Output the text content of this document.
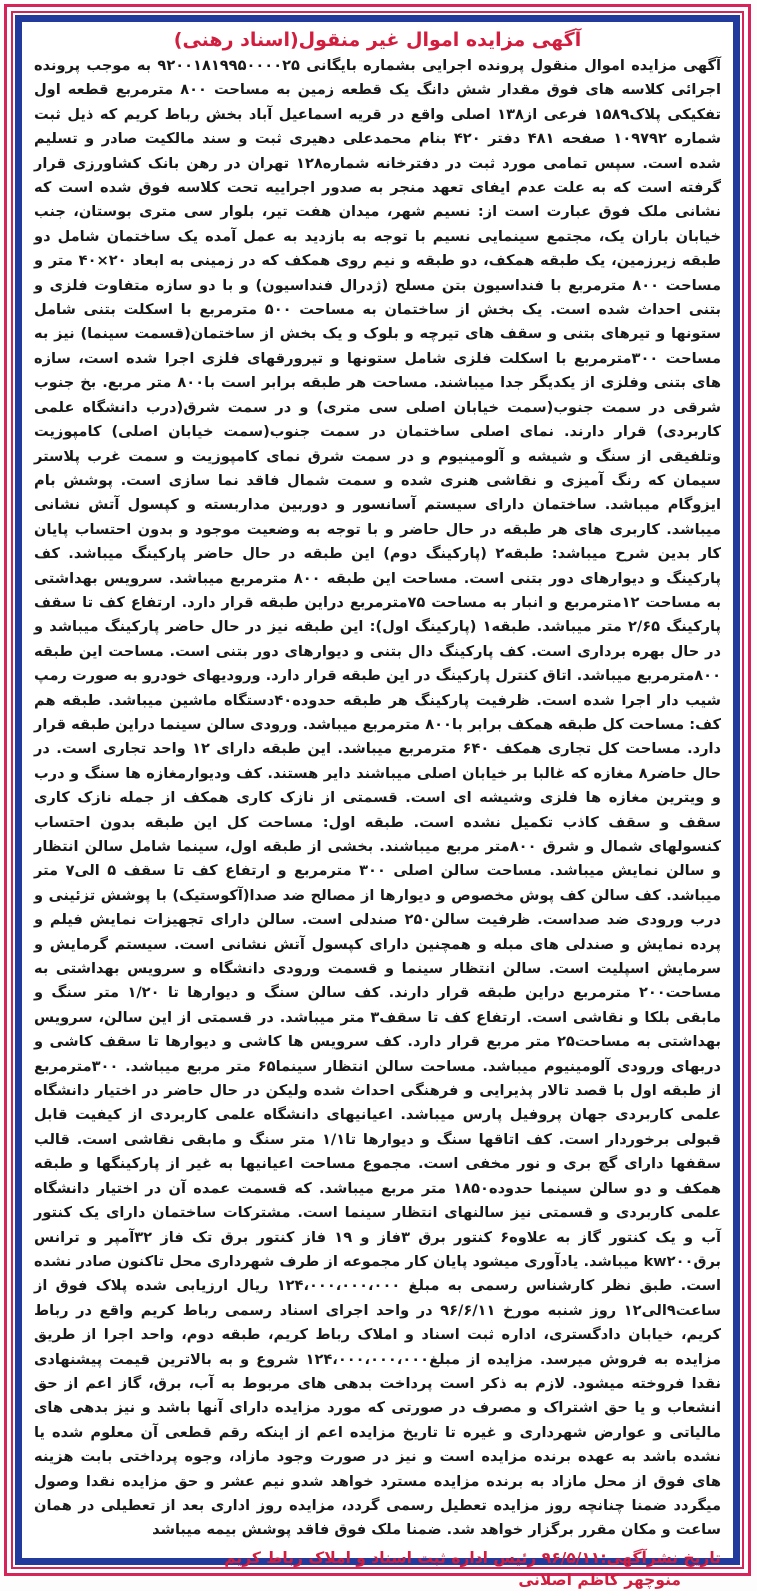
آگهی مزایده اموال غیر منقول(اسناد رهنی)
آگهی مزایده اموال منقول پرونده اجرایی بشماره بایگانی ۹۲۰۰۱۸۱۹۹۵۰۰۰۰۲۵ به موجب پرونده اجرائی کلاسه های فوق مقدار شش دانگ یک قطعه زمین به مساحت ۸۰۰ مترمربع قطعه اول تفکیکی پلاک۱۵۸۹ فرعی از۱۳۸ اصلی واقع در قریه اسماعیل آباد بخش رباط کریم که ذیل ثبت شماره ۱۰۹۷۹۲ صفحه ۴۸۱ دفتر ۴۲۰ بنام محمدعلی دهیری ثبت و سند مالکیت صادر و تسلیم شده است. سپس تمامی مورد ثبت در دفترخانه شماره۱۲۸ تهران در رهن بانک کشاورزی قرار گرفته است که به علت عدم ایفای تعهد منجر به صدور اجراییه تحت کلاسه فوق شده است که نشانی ملک فوق عبارت است از: نسیم شهر، میدان هفت تیر، بلوار سی متری بوستان، جنب خیابان باران یک، مجتمع سینمایی نسیم با توجه به بازدید به عمل آمده یک ساختمان شامل دو طبقه زیرزمین، یک طبقه همکف، دو طبقه و نیم روی همکف که در زمینی به ابعاد ۲۰×۴۰ متر و مساحت ۸۰۰ مترمربع با فنداسیون بتن مسلح (ژدرال فنداسیون) و با دو سازه متفاوت فلزی و بتنی احداث شده است. یک بخش از ساختمان به مساحت ۵۰۰ مترمربع با اسکلت بتنی شامل ستونها و تیرهای بتنی و سقف های تیرچه و بلوک و یک بخش از ساختمان(قسمت سینما) نیز به مساحت ۳۰۰مترمربع با اسکلت فلزی شامل ستونها و تیرورقهای فلزی اجرا شده است، سازه های بتنی وفلزی از یکدیگر جدا میباشند. مساحت هر طبقه برابر است با۸۰۰ متر مربع. بخ جنوب شرقی در سمت جنوب(سمت خیابان اصلی سی متری) و در سمت شرق(درب دانشگاه علمی کاربردی) قرار دارند. نمای اصلی ساختمان در سمت جنوب(سمت خیابان اصلی) کامپوزیت وتلفیقی از سنگ و شیشه و آلومینیوم و در سمت شرق نمای کامپوزیت و سمت غرب پلاستر سیمان که رنگ آمیزی و نقاشی هنری شده و سمت شمال فاقد نما سازی است. پوشش بام ایزوگام میباشد. ساختمان دارای سیستم آسانسور و دوربین مداربسته و کپسول آتش نشانی میباشد. کاربری های هر طبقه در حال حاضر و با توجه به وضعیت موجود و بدون احتساب پایان کار بدین شرح میباشد: طبقه۲ (پارکینگ دوم) این طبقه در حال حاضر پارکینگ میباشد. کف پارکینگ و دیوارهای دور بتنی است. مساحت این طبقه ۸۰۰ مترمربع میباشد. سرویس بهداشتی به مساحت ۱۲مترمربع و انبار به مساحت ۷۵مترمربع دراین طبقه قرار دارد. ارتفاع کف تا سقف پارکینگ ۲/۶۵ متر میباشد. طبقه۱ (پارکینگ اول): این طبقه نیز در حال حاضر پارکینگ میباشد و در حال بهره برداری است. کف پارکینگ دال بتنی و دیوارهای دور بتنی است. مساحت این طبقه ۸۰۰مترمربع میباشد. اتاق کنترل پارکینگ در این طبقه قرار دارد. ورودیهای خودرو به صورت رمپ شیب دار اجرا شده است. ظرفیت پارکینگ هر طبقه حدوده۴۰دستگاه ماشین میباشد. طبقه هم کف: مساحت کل طبقه همکف برابر با۸۰۰ مترمربع میباشد. ورودی سالن سینما دراین طبقه قرار دارد. مساحت کل تجاری همکف ۶۴۰ مترمربع میباشد. این طبقه دارای ۱۲ واحد تجاری است. در حال حاضر۸ مغازه که غالبا بر خیابان اصلی میباشند دایر هستند. کف ودیوارمغازه ها سنگ و درب و ویترین مغازه ها فلزی وشیشه ای است. قسمتی از نازک کاری همکف از جمله نازک کاری سقف و سقف کاذب تکمیل نشده است. طبقه اول: مساحت کل این طبقه بدون احتساب کنسولهای شمال و شرق ۸۰۰متر مربع میباشند. بخشی از طبقه اول، سینما شامل سالن انتظار و سالن نمایش میباشد. مساحت سالن اصلی ۳۰۰ مترمربع و ارتفاع کف تا سقف ۵ الی۷ متر میباشد. کف سالن کف پوش مخصوص و دیوارها از مصالح ضد صدا(آکوستیک) با پوشش تزئینی و درب ورودی ضد صداست. ظرفیت سالن۲۵۰ صندلی است. سالن دارای تجهیزات نمایش فیلم و پرده نمایش و صندلی های مبله و همچنین دارای کپسول آتش نشانی است. سیستم گرمایش و سرمایش اسپلیت است. سالن انتظار سینما و قسمت ورودی دانشگاه و سرویس بهداشتی به مساحت۲۰۰ مترمربع دراین طبقه قرار دارند. کف سالن سنگ و دیوارها تا ۱/۲۰ متر سنگ و مابقی بلکا و نقاشی است. ارتفاع کف تا سقف۳ متر میباشد. در قسمتی از این سالن، سرویس بهداشتی به مساحت۲۵ متر مربع قرار دارد. کف سرویس ها کاشی و دیوارها تا سقف کاشی و دربهای ورودی آلومینیوم میباشد. مساحت سالن انتظار سینما۶۵ متر مربع میباشد. ۳۰۰مترمربع از طبقه اول با قصد تالار پذیرایی و فرهنگی احداث شده ولیکن در حال حاضر در اختیار دانشگاه علمی کاربردی جهان پروفیل پارس میباشد. اعیانیهای دانشگاه علمی کاربردی از کیفیت قابل قبولی برخوردار است. کف اتاقها سنگ و دیوارها تا۱/۱ متر سنگ و مابقی نقاشی است. قالب سقفها دارای گچ بری و نور مخفی است. مجموع مساحت اعیانیها به غیر از پارکینگها و طبقه همکف و دو سالن سینما حدوده۱۸۵۰ متر مربع میباشد. که قسمت عمده آن در اختیار دانشگاه علمی کاربردی و قسمتی نیز سالنهای انتظار سینما است. مشترکات ساختمان دارای یک کنتور آب و یک کنتور گاز به علاوه۶ کنتور برق ۳فاز و ۱۹ فاز کنتور برق تک فاز ۳۲آمپر و ترانس برقkw۲۰۰ میباشد. یادآوری میشود پایان کار مجموعه از طرف شهرداری محل تاکنون صادر نشده است. طبق نظر کارشناس رسمی به مبلغ ۱۲۴،۰۰۰،۰۰۰،۰۰۰ ریال ارزیابی شده پلاک فوق از ساعت۹الی۱۲ روز شنبه مورخ ۹۶/۶/۱۱ در واحد اجرای اسناد رسمی رباط کریم واقع در رباط کریم، خیابان دادگستری، اداره ثبت اسناد و املاک رباط کریم، طبقه دوم، واحد اجرا از طریق مزایده به فروش میرسد. مزایده از مبلغ۱۲۴،۰۰۰،۰۰۰،۰۰۰ شروع و به بالاترین قیمت پیشنهادی نقدا فروخته میشود. لازم به ذکر است پرداخت بدهی های مربوط به آب، برق، گاز اعم از حق انشعاب و یا حق اشتراک و مصرف در صورتی که مورد مزایده دارای آنها باشد و نیز بدهی های مالیاتی و عوارض شهرداری و غیره تا تاریخ مزایده اعم از اینکه رقم قطعی آن معلوم شده یا نشده باشد به عهده برنده مزایده است و نیز در صورت وجود مازاد، وجوه پرداختی بابت هزینه های فوق از محل مازاد به برنده مزایده مسترد خواهد شدو نیم عشر و حق مزایده نقدا وصول میگردد ضمنا چنانچه روز مزایده تعطیل رسمی گردد، مزایده روز اداری بعد از تعطیلی در همان ساعت و مکان مقرر برگزار خواهد شد. ضمنا ملک فوق فاقد پوشش بیمه میباشد
تاریخ نشرآگهی:۹۶/۵/۱۱ رئیس اداره ثبت اسناد و املاک رباط کریم
منوچهر کاظم اصلانی
